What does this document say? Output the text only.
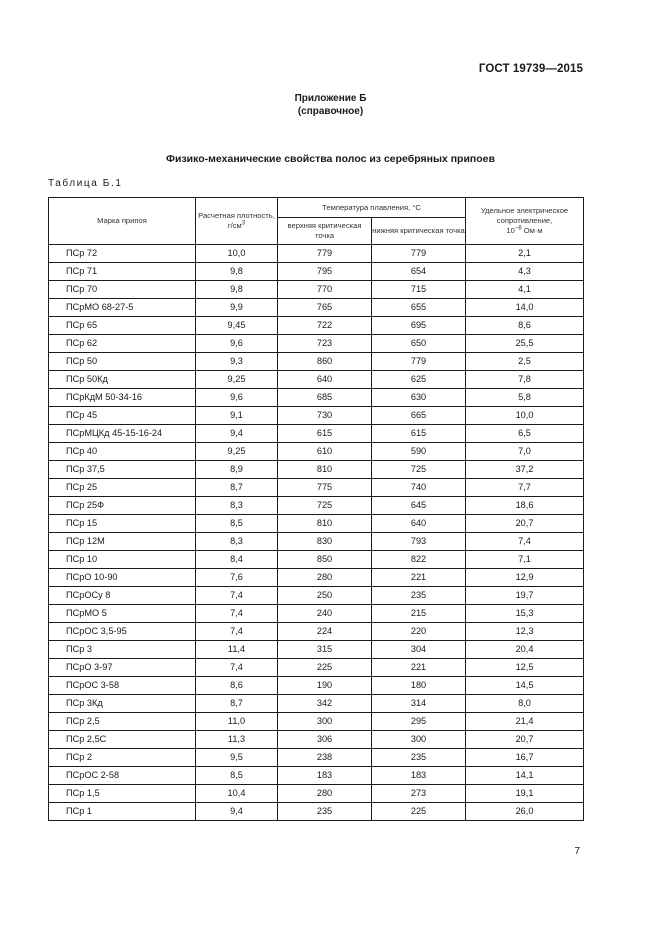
ГОСТ 19739—2015
Приложение Б
(справочное)
Физико-механические свойства полос из серебряных припоев
Таблица Б.1
Марка припоя	Расчетная плотность, $г/см^3$	Температура плавления, °С		Удельное электрическое сопротивление,
$10^{-8}$ Ом·м
		верхняя критическая точка	нижняя критическая точка	
ПСр 72	10,0	779	779	2,1
ПСр 71	9,8	795	654	4,3
ПСр 70	9,8	770	715	4,1
ПСрМО 68-27-5	9,9	765	655	14,0
ПСр 65	9,45	722	695	8,6
ПСр 62	9,6	723	650	25,5
ПСр 50	9,3	860	779	2,5
ПСр 50Кд	9,25	640	625	7,8
ПСрКдМ 50-34-16	9,6	685	630	5,8
ПСр 45	9,1	730	665	10,0
ПСрМЦКд 45-15-16-24	9,4	615	615	6,5
ПСр 40	9,25	610	590	7,0
ПСр 37,5	8,9	810	725	37,2
ПСр 25	8,7	775	740	7,7
ПСр 25Ф	8,3	725	645	18,6
ПСр 15	8,5	810	640	20,7
ПСр 12М	8,3	830	793	7,4
ПСр 10	8,4	850	822	7,1
ПСрО 10-90	7,6	280	221	12,9
ПСрОСу 8	7,4	250	235	19,7
ПСрМО 5	7,4	240	215	15,3
ПСрОС 3,5-95	7,4	224	220	12,3
ПСр 3	11,4	315	304	20,4
ПСрО 3-97	7,4	225	221	12,5
ПСрОС 3-58	8,6	190	180	14,5
ПСр 3Кд	8,7	342	314	8,0
ПСр 2,5	11,0	300	295	21,4
ПСр 2,5С	11,3	306	300	20,7
ПСр 2	9,5	238	235	16,7
ПСрОС 2-58	8,5	183	183	14,1
ПСр 1,5	10,4	280	273	19,1
ПСр 1	9,4	235	225	26,0
7
